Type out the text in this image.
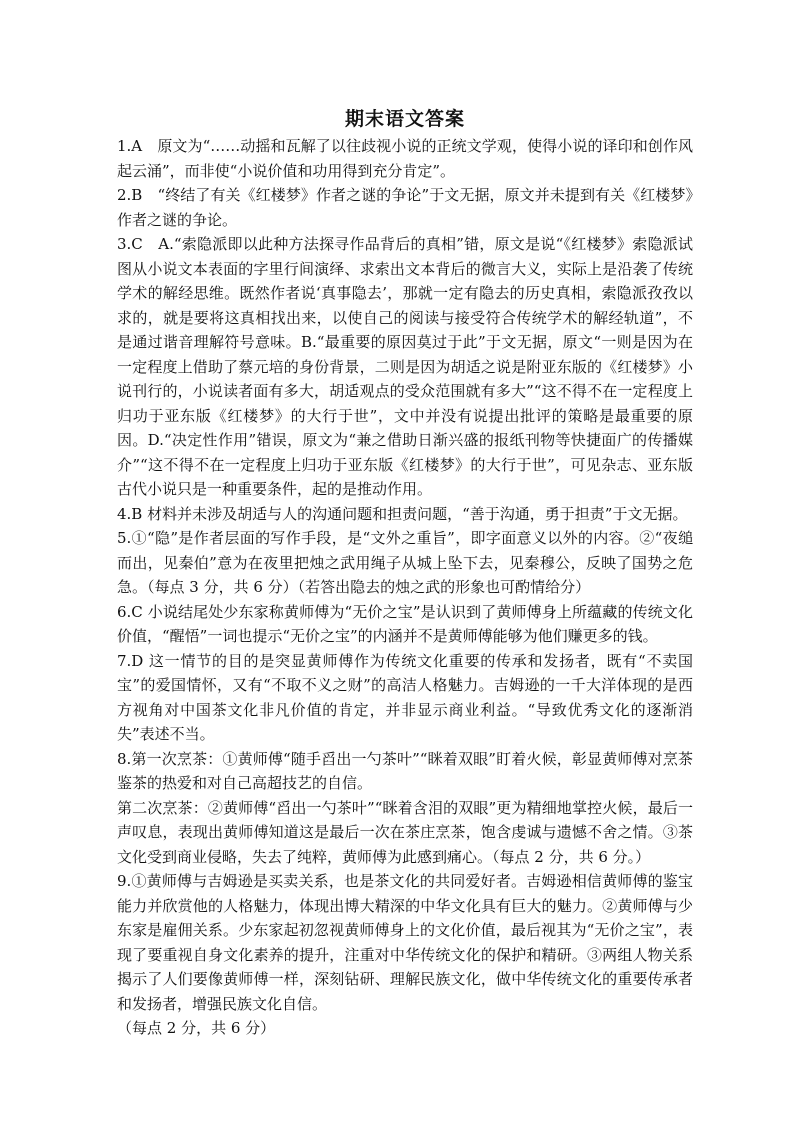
期末语文答案

1.A　原文为“……动摇和瓦解了以往歧视小说的正统文学观，使得小说的译印和创作风起云涌”，而非使“小说价值和功用得到充分肯定”。

2.B　“终结了有关《红楼梦》作者之谜的争论”于文无据，原文并未提到有关《红楼梦》作者之谜的争论。

3.C　A.“索隐派即以此种方法探寻作品背后的真相”错，原文是说“《红楼梦》索隐派试图从小说文本表面的字里行间演绎、求索出文本背后的微言大义，实际上是沿袭了传统学术的解经思维。既然作者说‘真事隐去’，那就一定有隐去的历史真相，索隐派孜孜以求的，就是要将这真相找出来，以使自己的阅读与接受符合传统学术的解经轨道”，不是通过谐音理解符号意味。B.“最重要的原因莫过于此”于文无据，原文“一则是因为在一定程度上借助了蔡元培的身份背景，二则是因为胡适之说是附亚东版的《红楼梦》小说刊行的，小说读者面有多大，胡适观点的受众范围就有多大”“这不得不在一定程度上归功于亚东版《红楼梦》的大行于世”，文中并没有说提出批评的策略是最重要的原因。D.“决定性作用”错误，原文为“兼之借助日渐兴盛的报纸刊物等快捷面广的传播媒介”“这不得不在一定程度上归功于亚东版《红楼梦》的大行于世”，可见杂志、亚东版古代小说只是一种重要条件，起的是推动作用。

4.B 材料并未涉及胡适与人的沟通问题和担责问题，“善于沟通，勇于担责”于文无据。

5.①“隐”是作者层面的写作手段，是“文外之重旨”，即字面意义以外的内容。②“夜缒而出，见秦伯”意为在夜里把烛之武用绳子从城上坠下去，见秦穆公，反映了国势之危急。（每点 3 分，共 6 分）（若答出隐去的烛之武的形象也可酌情给分）

6.C 小说结尾处少东家称黄师傅为“无价之宝”是认识到了黄师傅身上所蕴藏的传统文化价值，“醒悟”一词也提示“无价之宝”的内涵并不是黄师傅能够为他们赚更多的钱。

7.D 这一情节的目的是突显黄师傅作为传统文化重要的传承和发扬者，既有“不卖国宝”的爱国情怀，又有“不取不义之财”的高洁人格魅力。吉姆逊的一千大洋体现的是西方视角对中国茶文化非凡价值的肯定，并非显示商业利益。“导致优秀文化的逐渐消失”表述不当。

8.第一次烹茶：①黄师傅“随手舀出一勺茶叶”“眯着双眼”盯着火候，彰显黄师傅对烹茶鉴茶的热爱和对自己高超技艺的自信。

第二次烹茶：②黄师傅“舀出一勺茶叶”“眯着含泪的双眼”更为精细地掌控火候，最后一声叹息，表现出黄师傅知道这是最后一次在茶庄烹茶，饱含虔诚与遗憾不舍之情。③茶文化受到商业侵略，失去了纯粹，黄师傅为此感到痛心。（每点 2 分，共 6 分。）

9.①黄师傅与吉姆逊是买卖关系，也是茶文化的共同爱好者。吉姆逊相信黄师傅的鉴宝能力并欣赏他的人格魅力，体现出博大精深的中华文化具有巨大的魅力。②黄师傅与少东家是雇佣关系。少东家起初忽视黄师傅身上的文化价值，最后视其为“无价之宝”，表现了要重视自身文化素养的提升，注重对中华传统文化的保护和精研。③两组人物关系揭示了人们要像黄师傅一样，深刻钻研、理解民族文化，做中华传统文化的重要传承者和发扬者，增强民族文化自信。

（每点 2 分，共 6 分）
